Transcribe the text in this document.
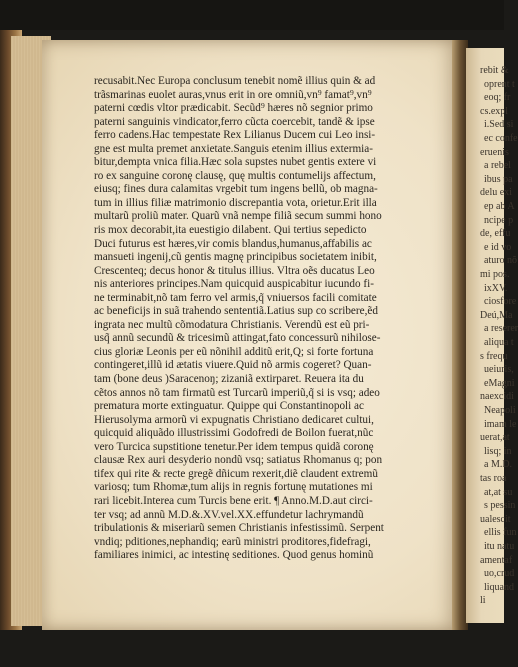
recusabit.Nec Europa conclusum tenebit nomẽ illius quin & ad
trãsmarinas euolet auras,vnus erit in ore omniũ,vn⁹ famat⁹,vn⁹
paterni cœdis vltor prædicabit. Secũd⁹ hæres nõ segnior primo
paterni sanguinis vindicator,ferro cũcta coercebit, tandẽ & ipse
ferro cadens.Hac tempestate Rex Lilianus Ducem cui Leo insi-
gne est multa premet anxietate.Sanguis etenim illius extermia-
bitur,dempta vnica filia.Hæc sola supstes nubet gentis extere vi
ro ex sanguine coronę clausę, quę multis contumelijs affectum,
eiusq; fines dura calamitas vrgebit tum ingens bellũ, ob magna-
tum in illius filiæ matrimonio discrepantia vota, orietur.Erit illa
multarũ proliũ mater. Quarũ vnã nempe filiã secum summi hono
ris mox decorabit,ita euestigio dilabent. Qui tertius sepedicto
Duci futurus est hæres,vir comis blandus,humanus,affabilis ac
mansueti ingenij,cũ gentis magnę principibus societatem inibit,
Crescenteq; decus honor & titulus illius. Vltra oẽs ducatus Leo
nis anteriores principes.Nam quicquid auspicabitur iucundo fi-
ne terminabit,nõ tam ferro vel armis,q̃ vniuersos facili comitate
ac beneficijs in suã trahendo sententiã.Latius sup co scribere,ẽd
ingrata nec multũ cõmodatura Christianis. Verendũ est eũ pri-
usq̃ annũ secundũ & tricesimũ attingat,fato concessurũ nihilose-
cius gloriæ Leonis per eũ nõnihil additũ erit,Q; si forte fortuna
contingeret,illũ id ætatis viuere.Quid nõ armis cogeret? Quan-
tam (bone deus )Saracenoŋ; zizaniã extirparet. Reuera ita du
cẽtos annos nõ tam firmatũ est Turcarũ imperiũ,q̃ si is vsq; adeo
prematura morte extinguatur. Quippe qui Constantinopoli ac
Hierusolyma armorũ vi expugnatis Christiano dedicaret cultui,
quicquid aliquãdo illustrissimi Godofredi de Boilon fuerat,nũc
vero Turcica supstitione tenetur.Per idem tempus quidã coronę
clausæ Rex auri desyderio nondũ vsq; satiatus Rhomanus q; pon
tifex qui rite & recte gregẽ dñicum rexerit,diẽ claudent extremũ
variosq; tum Rhomæ,tum alijs in regnis fortunę mutationes mi
rari licebit.Interea cum Turcis bene erit. ¶ Anno.M.D.aut circi-
ter vsq; ad annũ M.D.&.XV.vel.XX.effundetur lachrymandũ
tribulationis & miseriarũ semen Christianis infestissimũ. Serpent
vndiq; pditiones,nephandiq; earũ ministri proditores,fidefragi,
familiares inimici, ac intestinę seditiones. Quod genus hominũ
rebit &
oprent t
eoq; fr
cs.expl
i.Sed si
ec confe
eruenis
a rebel
ibus pa
delu exi
ep ab A
ncipe p
de, effu
e id vo
aturo nõ
mi pos.
ixXV.
ciosfore
Deú,Ma
a reserer
aliqua t
s frequ
ueiuris,
eMagni
naexcidi
Neapoli
imam le
uerat,at
lisq; in
a M.D.
tas roa
at,at su
s pessin
ualescit
ellis fun
itu natu
amentaf
uo,crud
liquand
li
